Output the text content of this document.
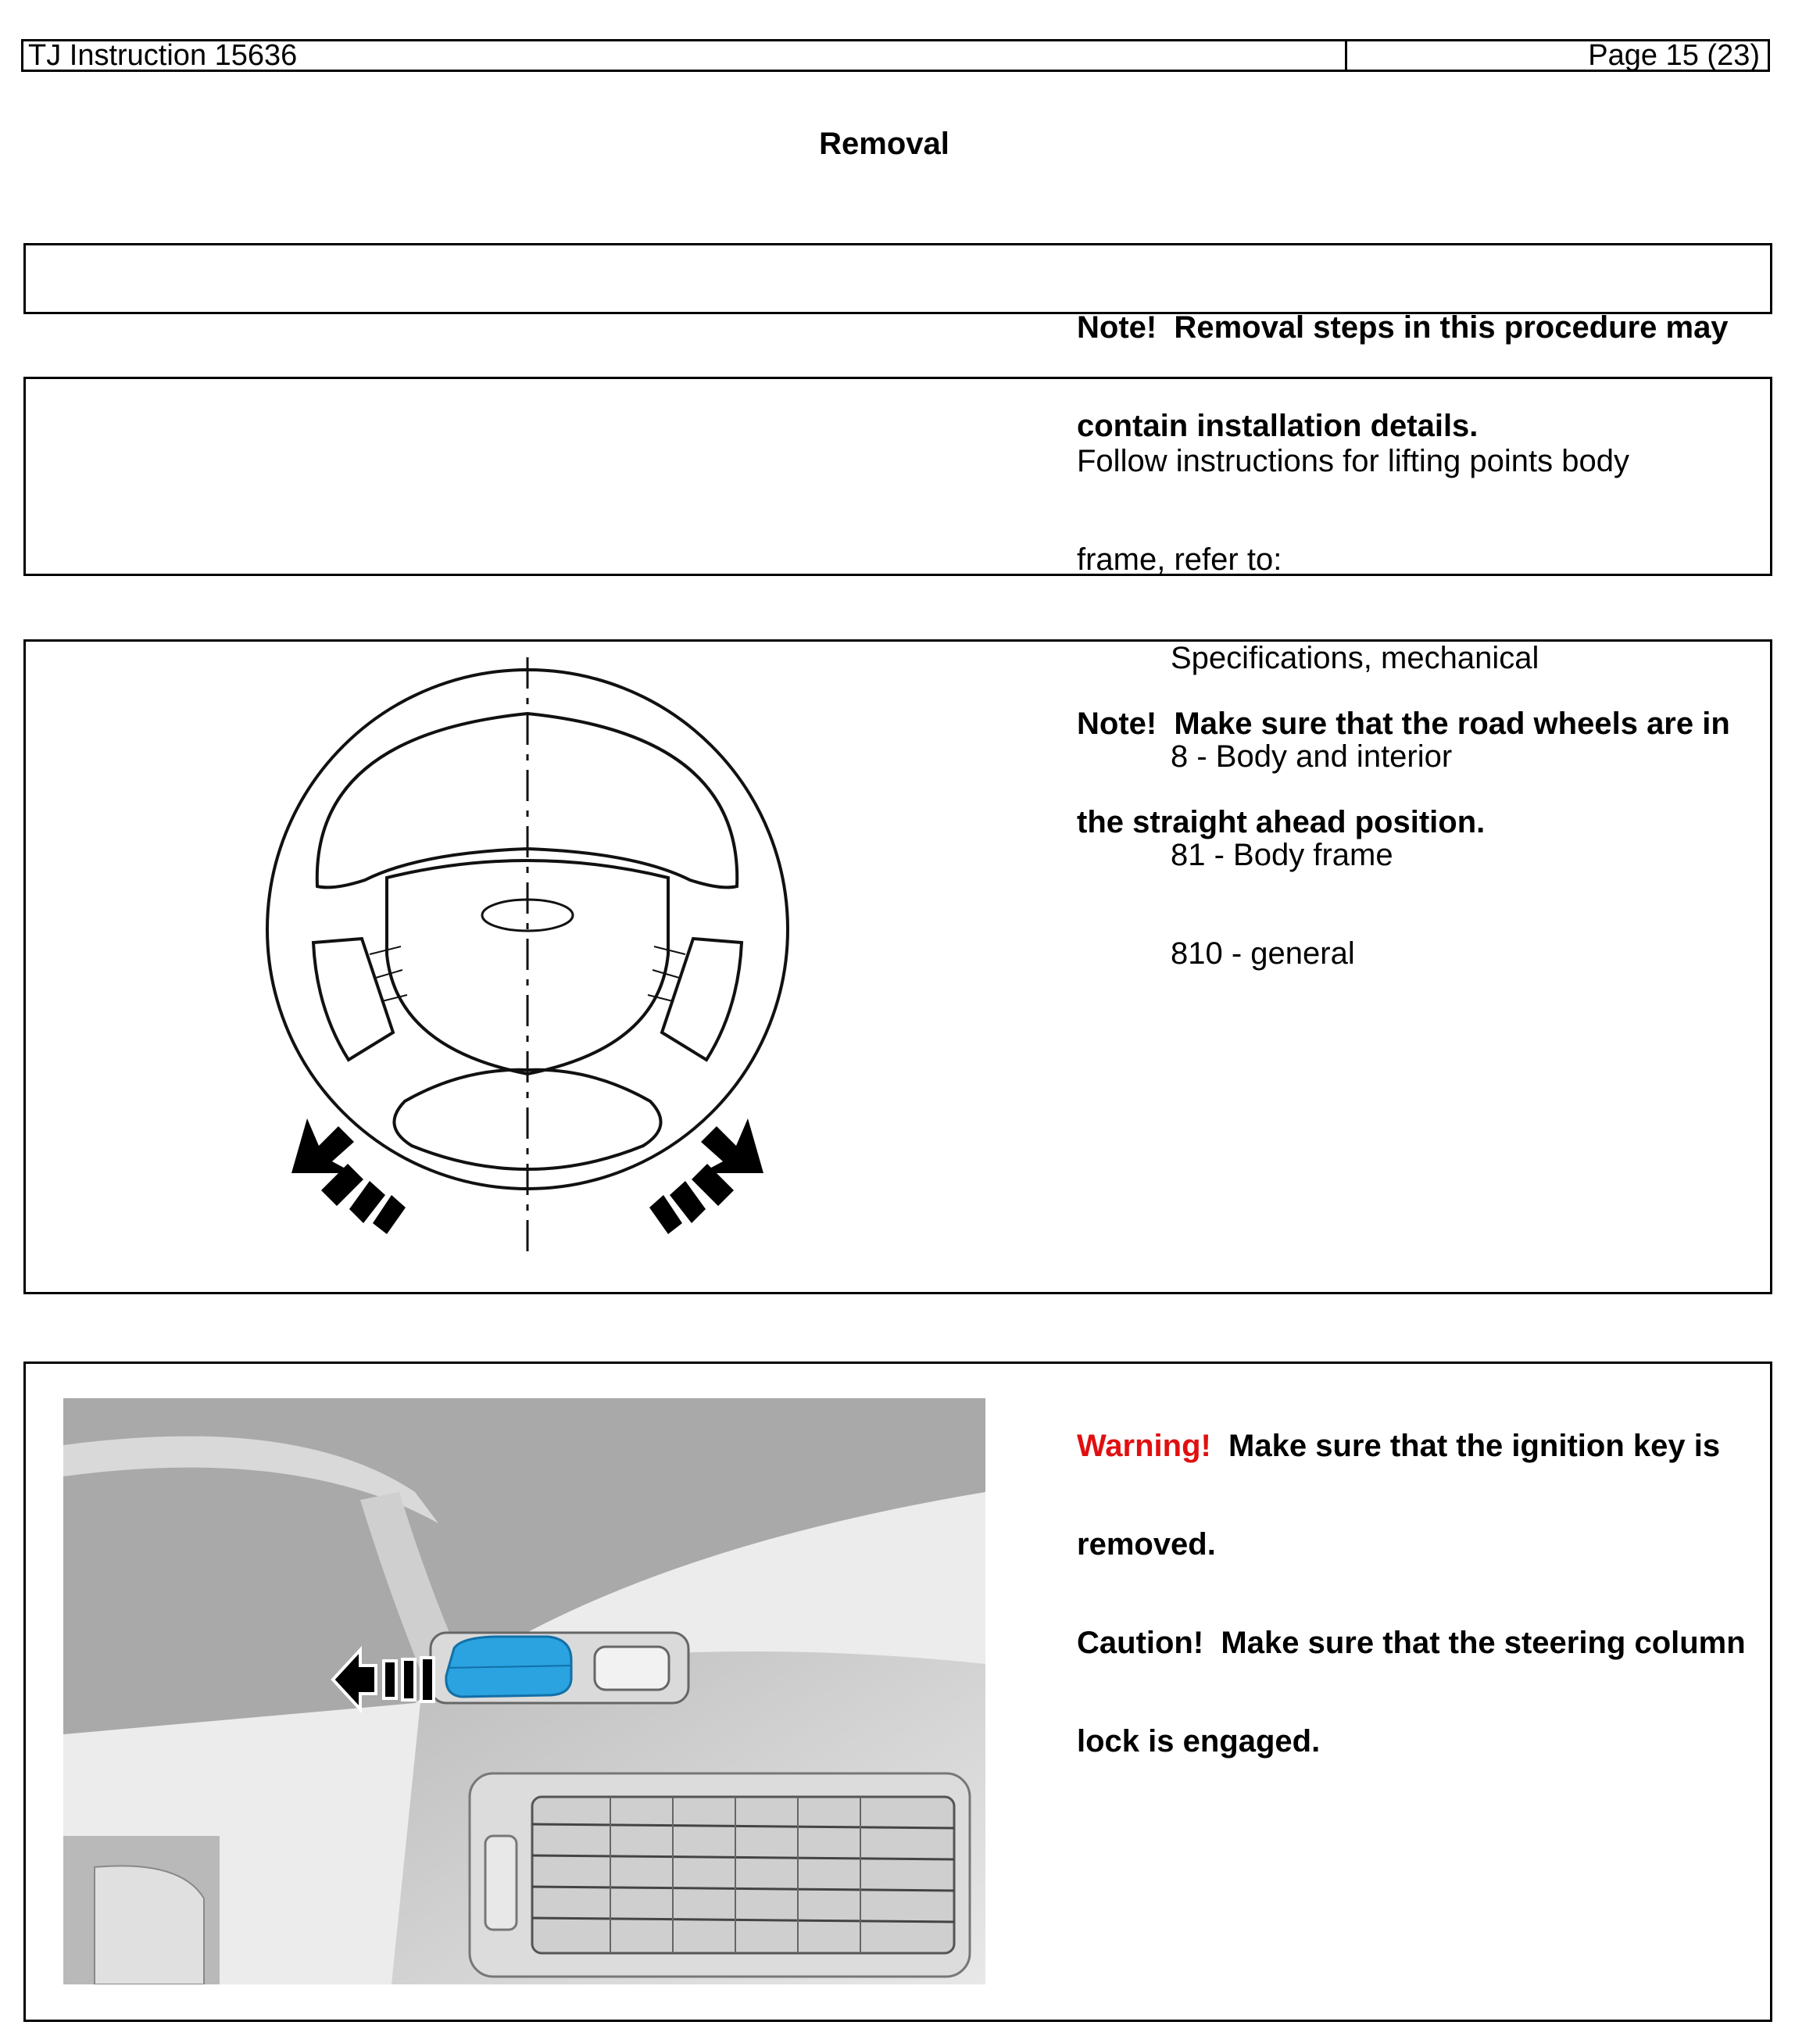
TJ Instruction 15636	Page 15 (23)
Removal

Note!  Removal steps in this procedure may

contain installation details.

Follow instructions for lifting points body

frame, refer to:

Specifications, mechanical

8 - Body and interior

81 - Body frame

810 - general

Note!  Make sure that the road wheels are in

the straight ahead position.

Warning!  Make sure that the ignition key is

removed.

Caution!  Make sure that the steering column

lock is engaged.
